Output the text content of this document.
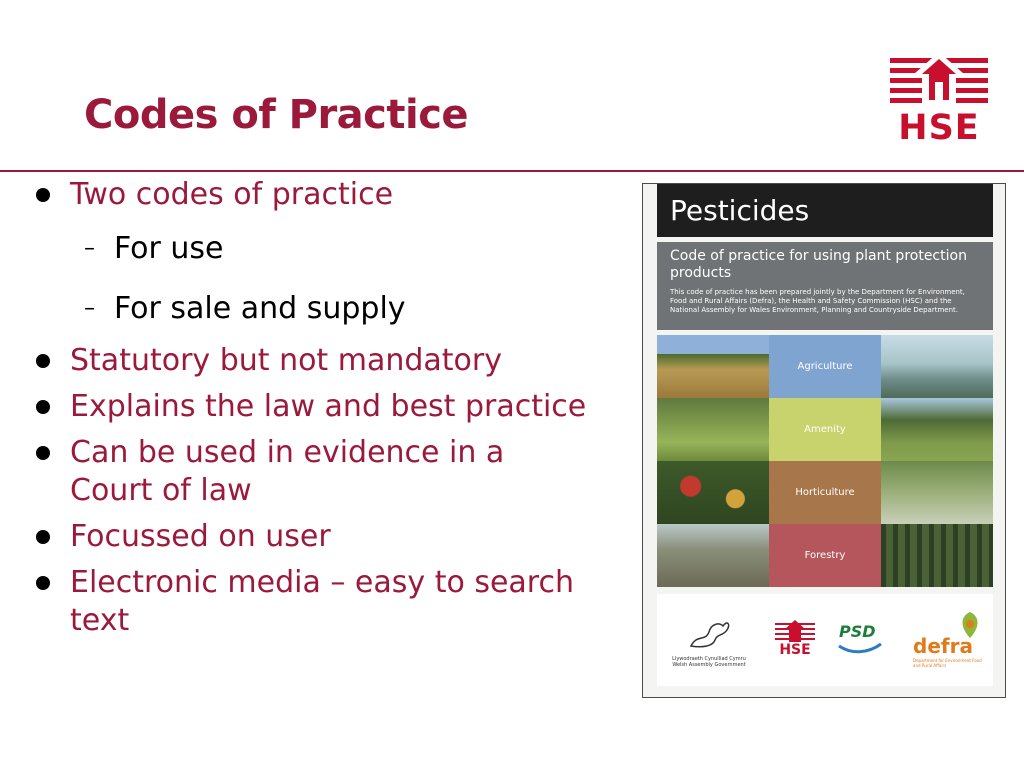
Codes of Practice	HSE
Two codes of practice
– For use
– For sale and supply
Statutory but not mandatory
Explains the law and best practice
Can be used in evidence in a Court of law
Focussed on user
Electronic media – easy to search text
Pesticides
Code of practice for using plant protection products
This code of practice has been prepared jointly by the Department for Environment, Food and Rural Affairs (Defra), the Health and Safety Commission (HSC) and the National Assembly for Wales Environment, Planning and Countryside Department.
Agriculture
Amenity
Horticulture
Forestry
Llywodraeth Cynulliad Cymru Welsh Assembly Government
HSE
PSD
defra
Department for Environment Food and Rural Affairs
